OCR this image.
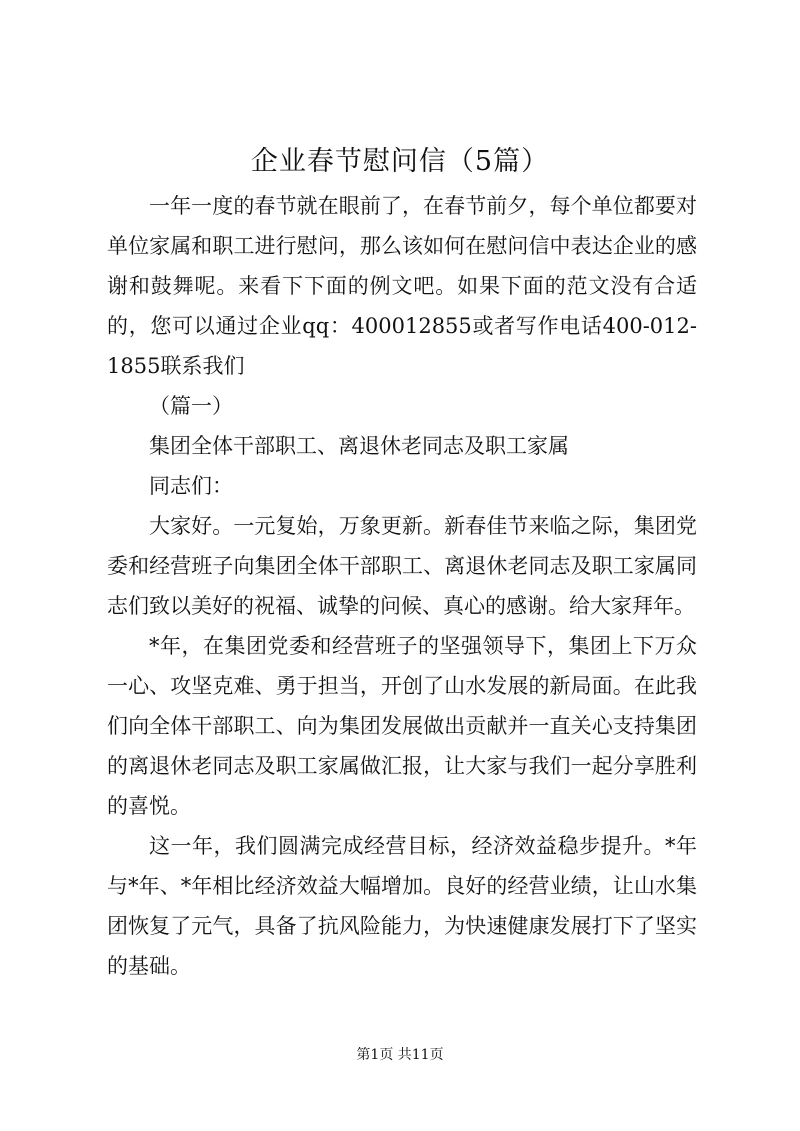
企业春节慰问信（5篇）

一年一度的春节就在眼前了，在春节前夕，每个单位都要对单位家属和职工进行慰问，那么该如何在慰问信中表达企业的感谢和鼓舞呢。来看下下面的例文吧。如果下面的范文没有合适的，您可以通过企业qq：400012855或者写作电话400-012-1855联系我们

（篇一）

集团全体干部职工、离退休老同志及职工家属

同志们：

大家好。一元复始，万象更新。新春佳节来临之际，集团党委和经营班子向集团全体干部职工、离退休老同志及职工家属同志们致以美好的祝福、诚挚的问候、真心的感谢。给大家拜年。

*年，在集团党委和经营班子的坚强领导下，集团上下万众一心、攻坚克难、勇于担当，开创了山水发展的新局面。在此我们向全体干部职工、向为集团发展做出贡献并一直关心支持集团的离退休老同志及职工家属做汇报，让大家与我们一起分享胜利的喜悦。

这一年，我们圆满完成经营目标，经济效益稳步提升。*年与*年、*年相比经济效益大幅增加。良好的经营业绩，让山水集团恢复了元气，具备了抗风险能力，为快速健康发展打下了坚实的基础。

第1页 共11页
